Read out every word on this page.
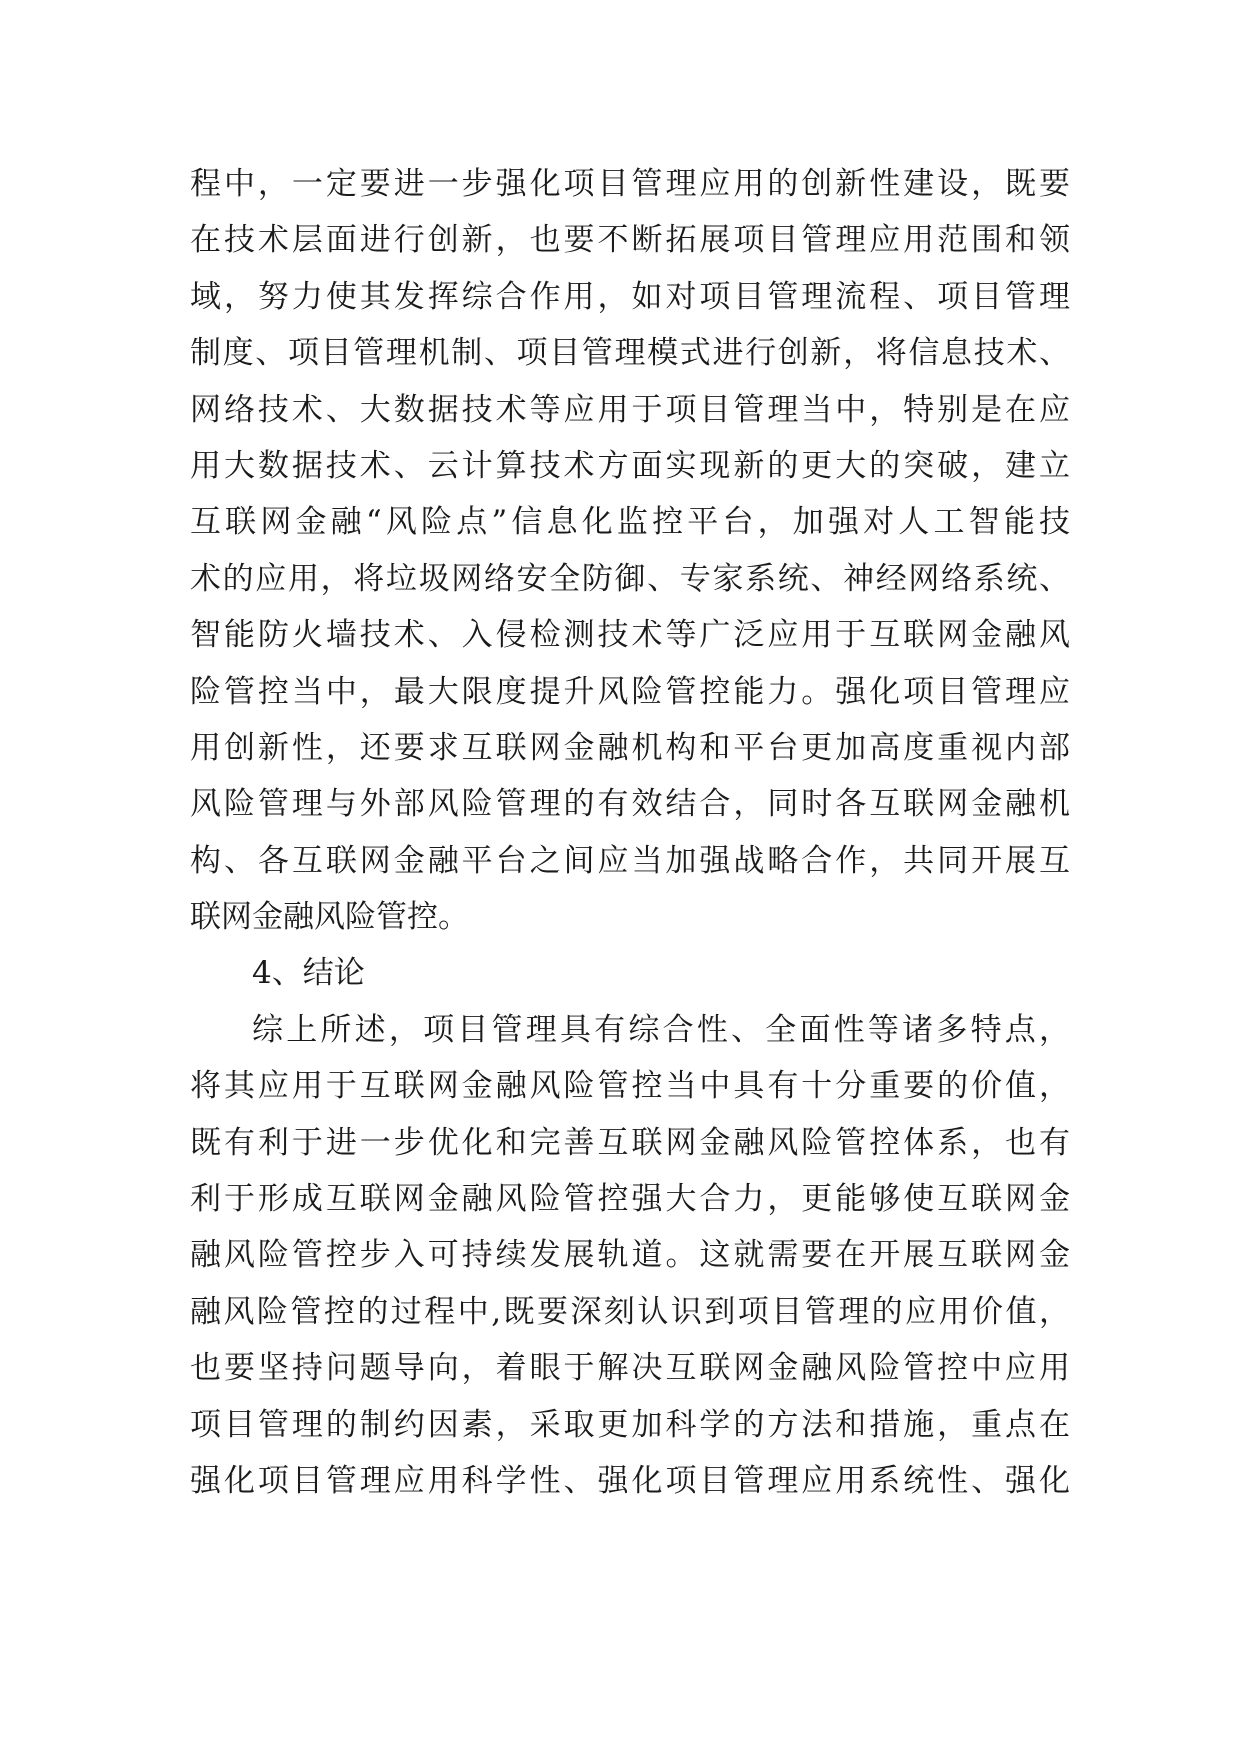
程中，一定要进一步强化项目管理应用的创新性建设，既要
在技术层面进行创新，也要不断拓展项目管理应用范围和领
域，努力使其发挥综合作用，如对项目管理流程、项目管理
制度、项目管理机制、项目管理模式进行创新，将信息技术、
网络技术、大数据技术等应用于项目管理当中，特别是在应
用大数据技术、云计算技术方面实现新的更大的突破，建立
互联网金融“风险点”信息化监控平台，加强对人工智能技
术的应用，将垃圾网络安全防御、专家系统、神经网络系统、
智能防火墙技术、入侵检测技术等广泛应用于互联网金融风
险管控当中，最大限度提升风险管控能力。强化项目管理应
用创新性，还要求互联网金融机构和平台更加高度重视内部
风险管理与外部风险管理的有效结合，同时各互联网金融机
构、各互联网金融平台之间应当加强战略合作，共同开展互
联网金融风险管控。
4、结论
综上所述，项目管理具有综合性、全面性等诸多特点，
将其应用于互联网金融风险管控当中具有十分重要的价值，
既有利于进一步优化和完善互联网金融风险管控体系，也有
利于形成互联网金融风险管控强大合力，更能够使互联网金
融风险管控步入可持续发展轨道。这就需要在开展互联网金
融风险管控的过程中,既要深刻认识到项目管理的应用价值，
也要坚持问题导向，着眼于解决互联网金融风险管控中应用
项目管理的制约因素，采取更加科学的方法和措施，重点在
强化项目管理应用科学性、强化项目管理应用系统性、强化
